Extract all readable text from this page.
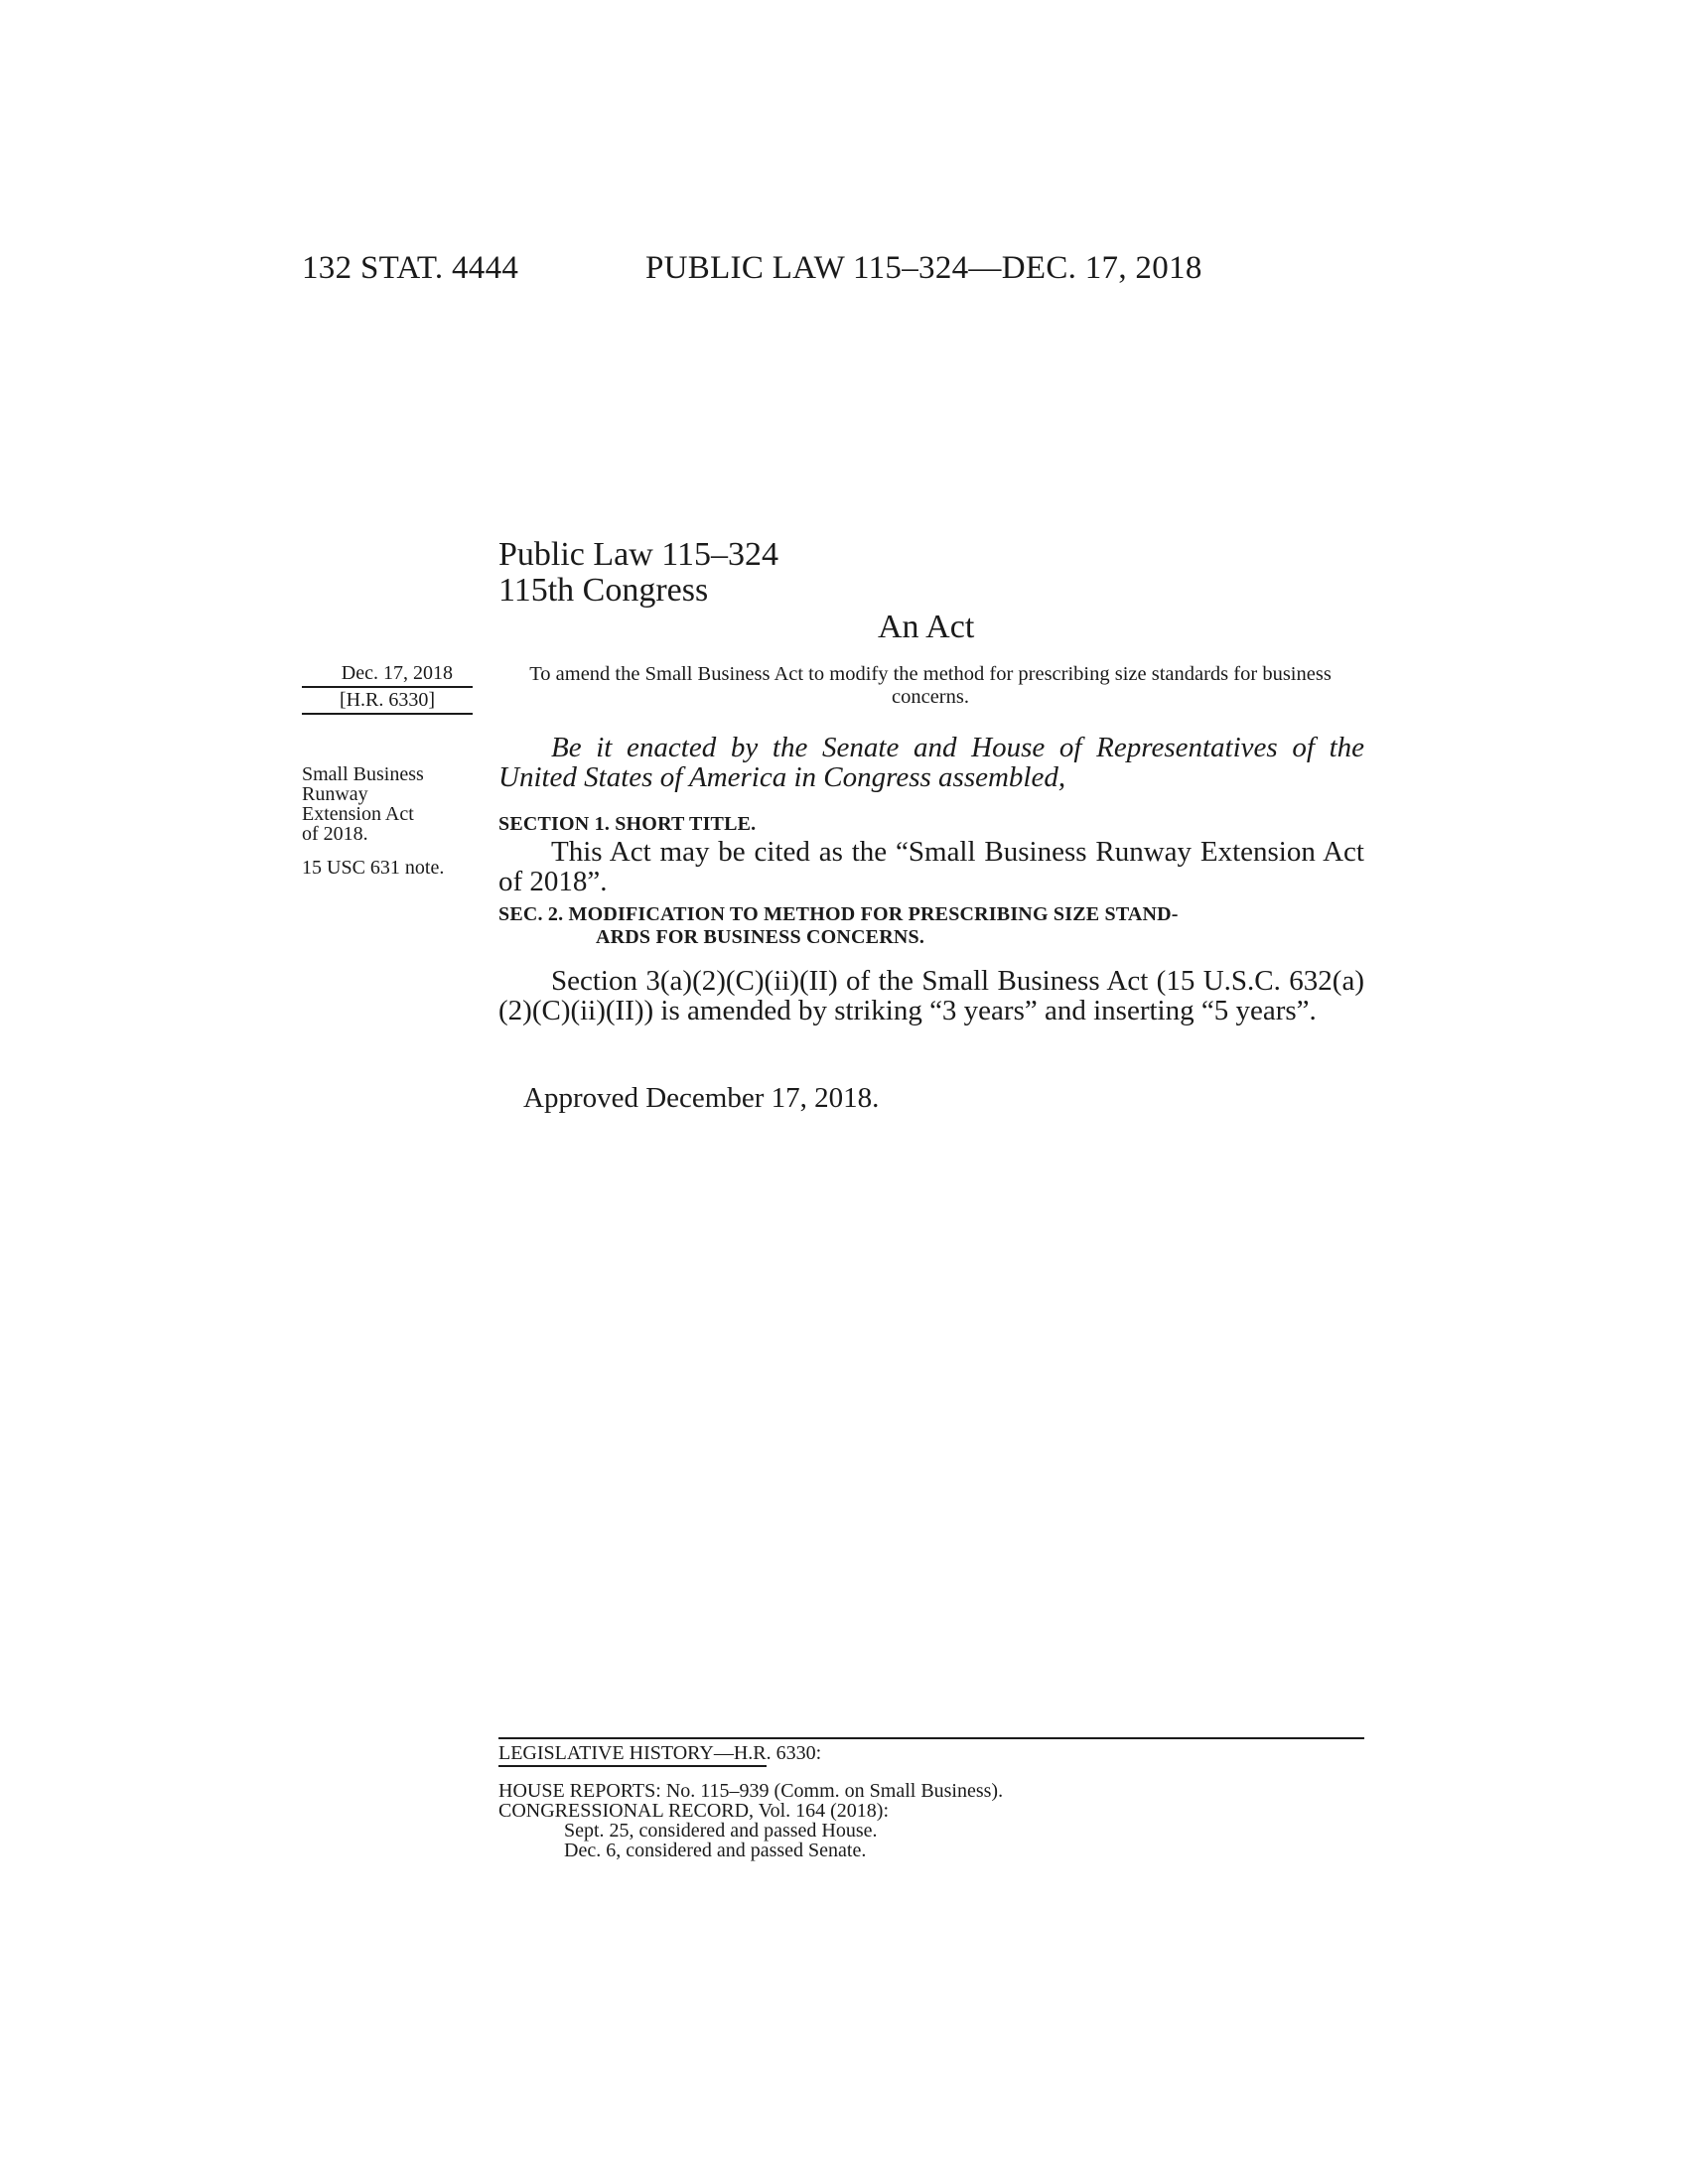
132 STAT. 4444	PUBLIC LAW 115–324—DEC. 17, 2018
Public Law 115–324
115th Congress
An Act
Dec. 17, 2018
[H.R. 6330]
Small Business
Runway
Extension Act
of 2018.
15 USC 631 note.
To amend the Small Business Act to modify the method for prescribing size standards for business concerns.
Be it enacted by the Senate and House of Representatives of the United States of America in Congress assembled,
SECTION 1. SHORT TITLE.
This Act may be cited as the “Small Business Runway Extension Act of 2018”.
SEC. 2. MODIFICATION TO METHOD FOR PRESCRIBING SIZE STAND-
ARDS FOR BUSINESS CONCERNS.
Section 3(a)(2)(C)(ii)(II) of the Small Business Act (15 U.S.C. 632(a)(2)(C)(ii)(II)) is amended by striking “3 years” and inserting “5 years”.
Approved December 17, 2018.
LEGISLATIVE HISTORY—H.R. 6330:
HOUSE REPORTS: No. 115–939 (Comm. on Small Business).
CONGRESSIONAL RECORD, Vol. 164 (2018):
Sept. 25, considered and passed House.
Dec. 6, considered and passed Senate.
